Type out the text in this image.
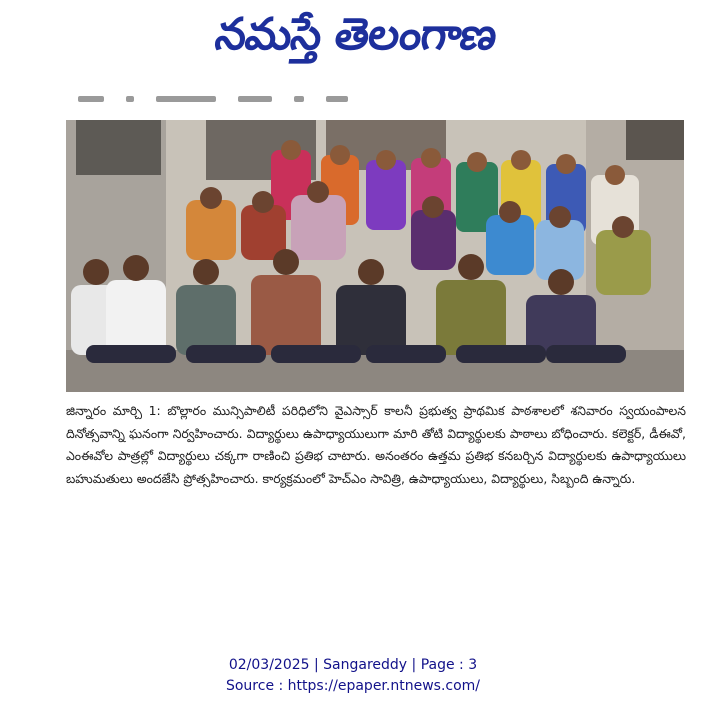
నమస్తే తెలంగాణ

జిన్నారం మార్చి 1: బొల్లారం మున్సిపాలిటీ పరిధిలోని వైఎస్సార్ కాలనీ ప్రభుత్వ ప్రాథమిక పాఠశాలలో శనివారం స్వయంపాలన దినోత్సవాన్ని ఘనంగా నిర్వహించారు. విద్యార్థులు ఉపాధ్యాయులుగా మారి తోటి విద్యార్థులకు పాఠాలు బోధించారు. కలెక్టర్, డీఈవో, ఎంఈవోల పాత్రల్లో విద్యార్థులు చక్కగా రాణించి ప్రతిభ చాటారు. అనంతరం ఉత్తమ ప్రతిభ కనబర్చిన విద్యార్థులకు ఉపాధ్యాయులు బహుమతులు అందజేసి ప్రోత్సహించారు. కార్యక్రమంలో హెచ్ఎం సావిత్రి, ఉపాధ్యాయులు, విద్యార్థులు, సిబ్బంది ఉన్నారు.

02/03/2025 | Sangareddy | Page : 3
Source : https://epaper.ntnews.com/
